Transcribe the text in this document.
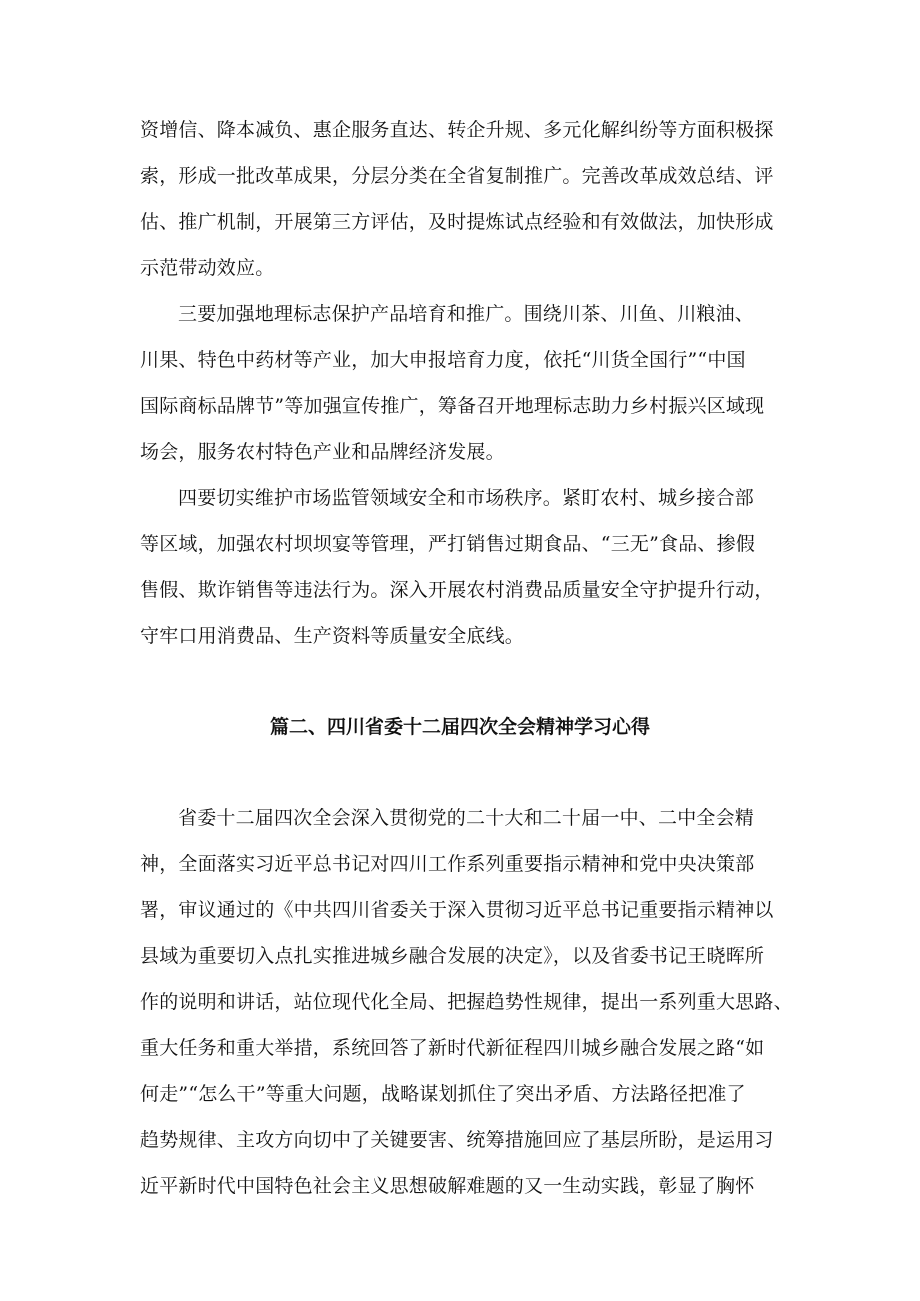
资增信、降本减负、惠企服务直达、转企升规、多元化解纠纷等方面积极探
索，形成一批改革成果，分层分类在全省复制推广。完善改革成效总结、评
估、推广机制，开展第三方评估，及时提炼试点经验和有效做法，加快形成
示范带动效应。
三要加强地理标志保护产品培育和推广。围绕川茶、川鱼、川粮油、
川果、特色中药材等产业，加大申报培育力度，依托“川货全国行”“中国
国际商标品牌节”等加强宣传推广，筹备召开地理标志助力乡村振兴区域现
场会，服务农村特色产业和品牌经济发展。
四要切实维护市场监管领域安全和市场秩序。紧盯农村、城乡接合部
等区域，加强农村坝坝宴等管理，严打销售过期食品、“三无”食品、掺假
售假、欺诈销售等违法行为。深入开展农村消费品质量安全守护提升行动，
守牢口用消费品、生产资料等质量安全底线。
篇二、四川省委十二届四次全会精神学习心得
省委十二届四次全会深入贯彻党的二十大和二十届一中、二中全会精
神，全面落实习近平总书记对四川工作系列重要指示精神和党中央决策部
署，审议通过的《中共四川省委关于深入贯彻习近平总书记重要指示精神以
县域为重要切入点扎实推进城乡融合发展的决定》，以及省委书记王晓晖所
作的说明和讲话，站位现代化全局、把握趋势性规律，提出一系列重大思路、
重大任务和重大举措，系统回答了新时代新征程四川城乡融合发展之路“如
何走”“怎么干”等重大问题，战略谋划抓住了突出矛盾、方法路径把准了
趋势规律、主攻方向切中了关键要害、统筹措施回应了基层所盼，是运用习
近平新时代中国特色社会主义思想破解难题的又一生动实践，彰显了胸怀
